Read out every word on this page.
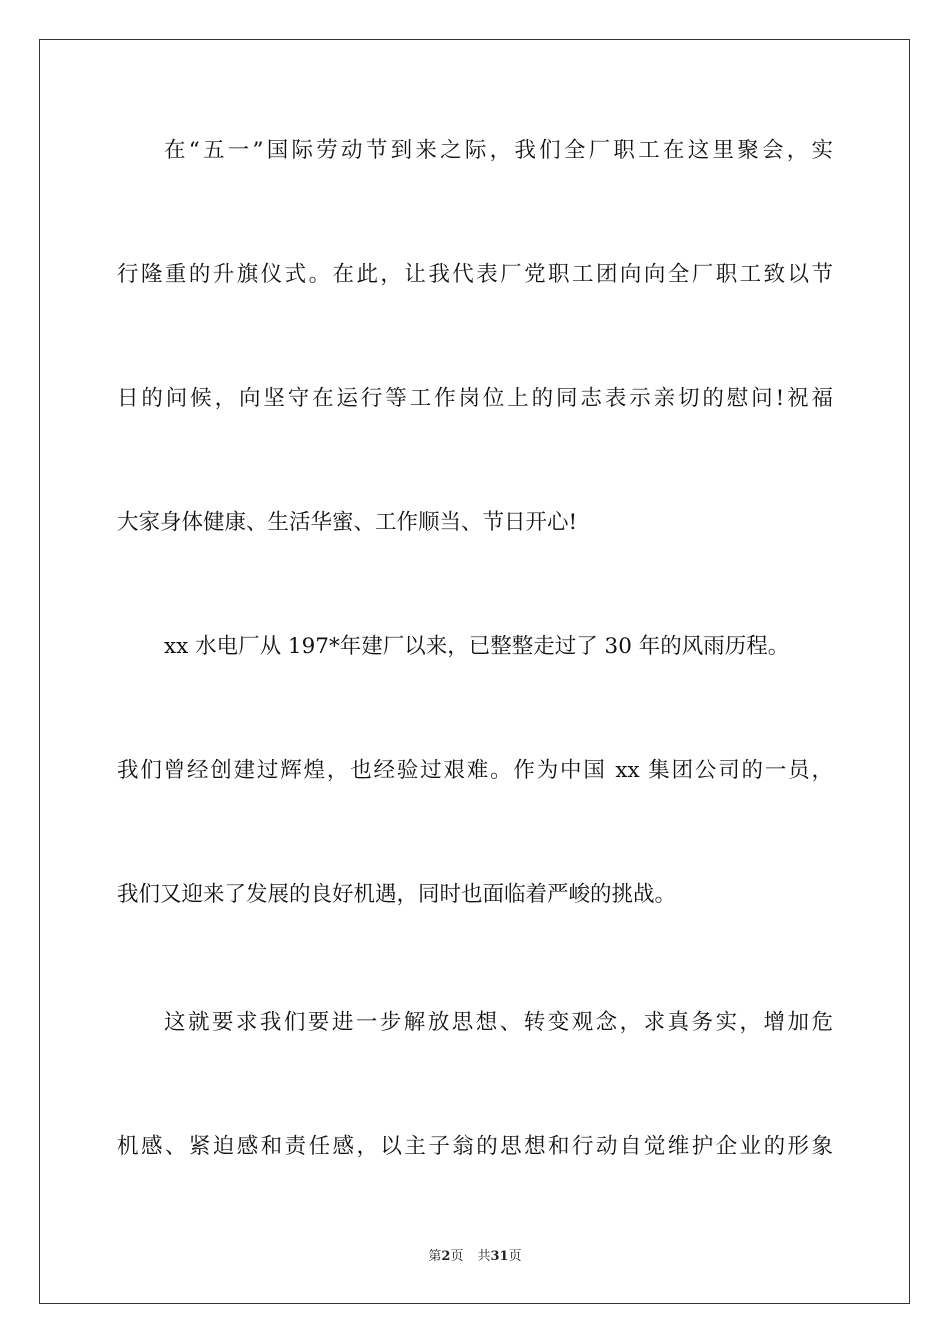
在“五一”国际劳动节到来之际，我们全厂职工在这里聚会，实
行隆重的升旗仪式。在此，让我代表厂党职工团向向全厂职工致以节
日的问候，向坚守在运行等工作岗位上的同志表示亲切的慰问!祝福
大家身体健康、生活华蜜、工作顺当、节日开心!
xx 水电厂从 197*年建厂以来，已整整走过了 30 年的风雨历程。
我们曾经创建过辉煌，也经验过艰难。作为中国 xx 集团公司的一员，
我们又迎来了发展的良好机遇，同时也面临着严峻的挑战。
这就要求我们要进一步解放思想、转变观念，求真务实，增加危
机感、紧迫感和责任感，以主子翁的思想和行动自觉维护企业的形象
第2页 共31页
